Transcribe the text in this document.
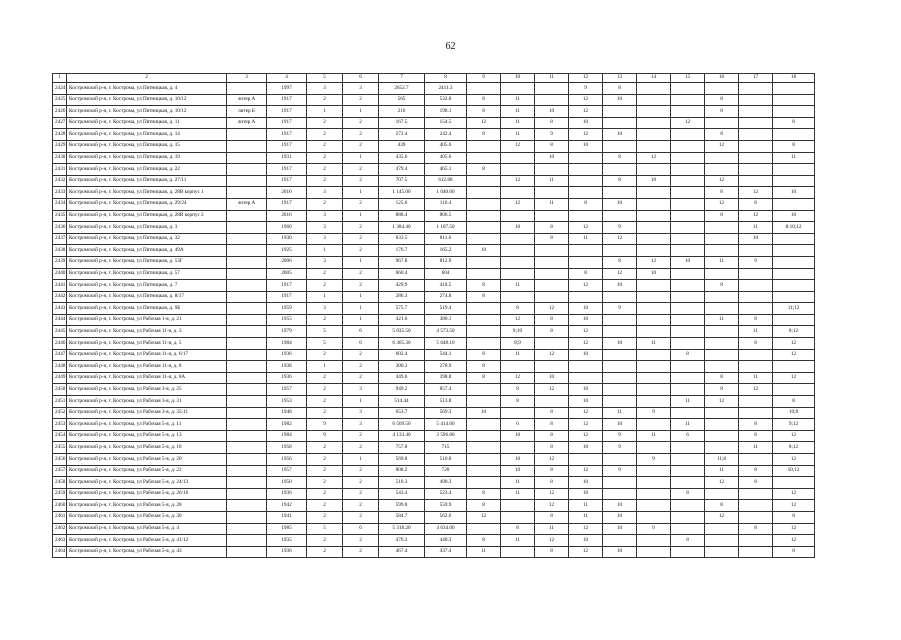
62
1	2	3	4	5	6	7	8	9	10	11	12	13	14	15	16	17	18
2424	Костромской р-н, г. Кострома, ул Пятницкая, д. 4		1997	3	3	2652.7	2411.3				9	8					
2425	Костромской р-н, г. Кострома, ул Пятницкая, д. 10/12	литер А	1917	2	2	565	532.8	8	11		12	10			8		
2426	Костромской р-н, г. Кострома, ул Пятницкая, д. 10/12	литер Б	1917	1	1	216	198.1	8	11	10	12				8		
2427	Костромской р-н, г. Кострома, ул Пятницкая, д. 11	литер А	1917	2	2	167.5	154.5	12	11	8	10			12			8
2428	Костромской р-н, г. Кострома, ул Пятницкая, д. 14		1917	2	2	272.4	242.4	8	11	9	12	10			8		
2429	Костромской р-н, г. Кострома, ул Пятницкая, д. 15		1917	2	2	439	405.6		12	8	10				12		8
2430	Костромской р-н, г. Кострома, ул Пятницкая, д. 19		1931	2	1	435.6	405.6			10		8	12				11
2431	Костромской р-н, г. Кострома, ул Пятницкая, д. 22		1917	2	2	479.4	465.1	8									
2432	Костромской р-н, г. Кострома, ул Пятницкая, д. 27/11		1917	2	2	707.5	612.08		12	11		8	10		12		
2433	Костромской р-н, г. Кострома, ул Пятницкая, д. 28В корпус 1		2016	3	1	1 145.00	1 040.60								8	12	10
2434	Костромской р-н, г. Кострома, ул Пятницкая, д. 29/24	литер А	1917	2	2	125.6	116.4		12	11	8	10			12	8	
2435	Костромской р-н, г. Кострома, ул Пятницкая, д. 28В корпус 2		2016	3	1	888.4	806.5								8	12	10
2436	Костромской р-н, г. Кострома, ул Пятницкая, д. 3		1960	3	2	1 384.40	1 107.50		10	8	12	9				11	8;10;12
2437	Костромской р-н, г. Кострома, ул Пятницкая, д. 32		1930	3	2	833.5	811.6			8	11	12				10	
2438	Костромской р-н, г. Кострома, ул Пятницкая, д. 49А		1925	1	2	176.7	165.2	10									
2439	Костромской р-н, г. Кострома, ул Пятницкая, д. 53Г		2006	3	1	967.8	812.9					8	12	10	11	9	
2440	Костромской р-н, г. Кострома, ул Пятницкая, д. 57		2005	2	2	660.4	604				8	12	10				
2441	Костромской р-н, г. Кострома, ул Пятницкая, д. 7		1917	2	2	429.9	418.5	8	11		12	10			8		
2442	Костромской р-н, г. Кострома, ул Пятницкая, д. 8/17		1917	1	1	286.3	274.8	8									
2443	Костромской р-н, г. Кострома, ул Пятницкая, д. 9Б		1959	3	1	575.7	519.4		8	12	10	9					11;12
2444	Костромской р-н, г. Кострома, ул Рабочая 1-я, д. 21		1955	2	1	421.6	380.1		12	8	10				11	8	
2445	Костромской р-н, г. Кострома, ул Рабочая 11-я, д. 3		1979	5	6	5 035.50	4 573.50		9;10	8	12					11	8;12
2446	Костромской р-н, г. Кострома, ул Рабочая 11-я, д. 5		1984	5	6	6 365.30	5 648.10		8;9		12	10	11			8	12
2447	Костромской р-н, г. Кострома, ул Рабочая 11-я, д. 6/17		1936	2	2	602.4	544.1	8	11	12	10			8			12
2448	Костромской р-н, г. Кострома, ул Рабочая 11-я, д. 8		1938	1	2	300.3	278.9	8									
2449	Костромской р-н, г. Кострома, ул Рабочая 11-я, д. 8А		1936	2	2	449.6	398.8	8	12	10					8	11	12
2450	Костромской р-н, г. Кострома, ул Рабочая 3-я, д. 25		1957	2	3	949.2	857.4		8	12	10				8	12	
2451	Костромской р-н, г. Кострома, ул Рабочая 3-я, д. 31		1953	2	1	514.44	513.8		8		10			11	12		8
2452	Костромской р-н, г. Кострома, ул Рабочая 3-я, д. 35/11		1948	2	3	653.7	569.3	10		8	12	11	9				10;8
2453	Костромской р-н, г. Кострома, ул Рабочая 5-я, д. 11		1982	9	3	6 569.50	5 414.60		6	8	12	10		11		8	9;12
2454	Костромской р-н, г. Кострома, ул Рабочая 5-я, д. 13		1984	9	2	4 133.40	3 596.80		10	8	12	9	11	6		8	12
2455	Костромской р-н, г. Кострома, ул Рабочая 5-я, д. 18		1958	2	2	757.8	715			8	10	9				11	8;12
2456	Костромской р-н, г. Кострома, ул Рабочая 5-я, д. 20		1956	2	1	569.8	510.8		10	12			9		11;8		12
2457	Костромской р-н, г. Кострома, ул Рабочая 5-я, д. 22		1957	2	2	808.2	720		10	8	12	9			11	8	10;12
2458	Костромской р-н, г. Кострома, ул Рабочая 5-я, д. 24/13		1950	2	2	510.3	490.3		11	8	10				12	8	
2459	Костромской р-н, г. Кострома, ул Рабочая 5-я, д. 26/10		1936	2	2	543.4	523.4	8	11	12	10			8			12
2460	Костромской р-н, г. Кострома, ул Рабочая 5-я, д. 28		1942	2	2	599.8	559.9	8		12	11	10			8		12
2461	Костромской р-н, г. Кострома, ул Рабочая 5-я, д. 30		1941	2	2	584.7	562.6	12		8	11	10			12		8
2462	Костромской р-н, г. Кострома, ул Рабочая 5-я, д. 4		1985	5	6	5 318.20	4 634.00		8	11	12	10	9			8	12
2463	Костромской р-н, г. Кострома, ул Рабочая 5-я, д. 41/12		1935	2	2	470.3	440.3	8	11	12	10			8			12
2464	Костромской р-н, г. Кострома, ул Рабочая 5-я, д. 43		1936	2	2	467.4	437.4	11		8	12	10					8
